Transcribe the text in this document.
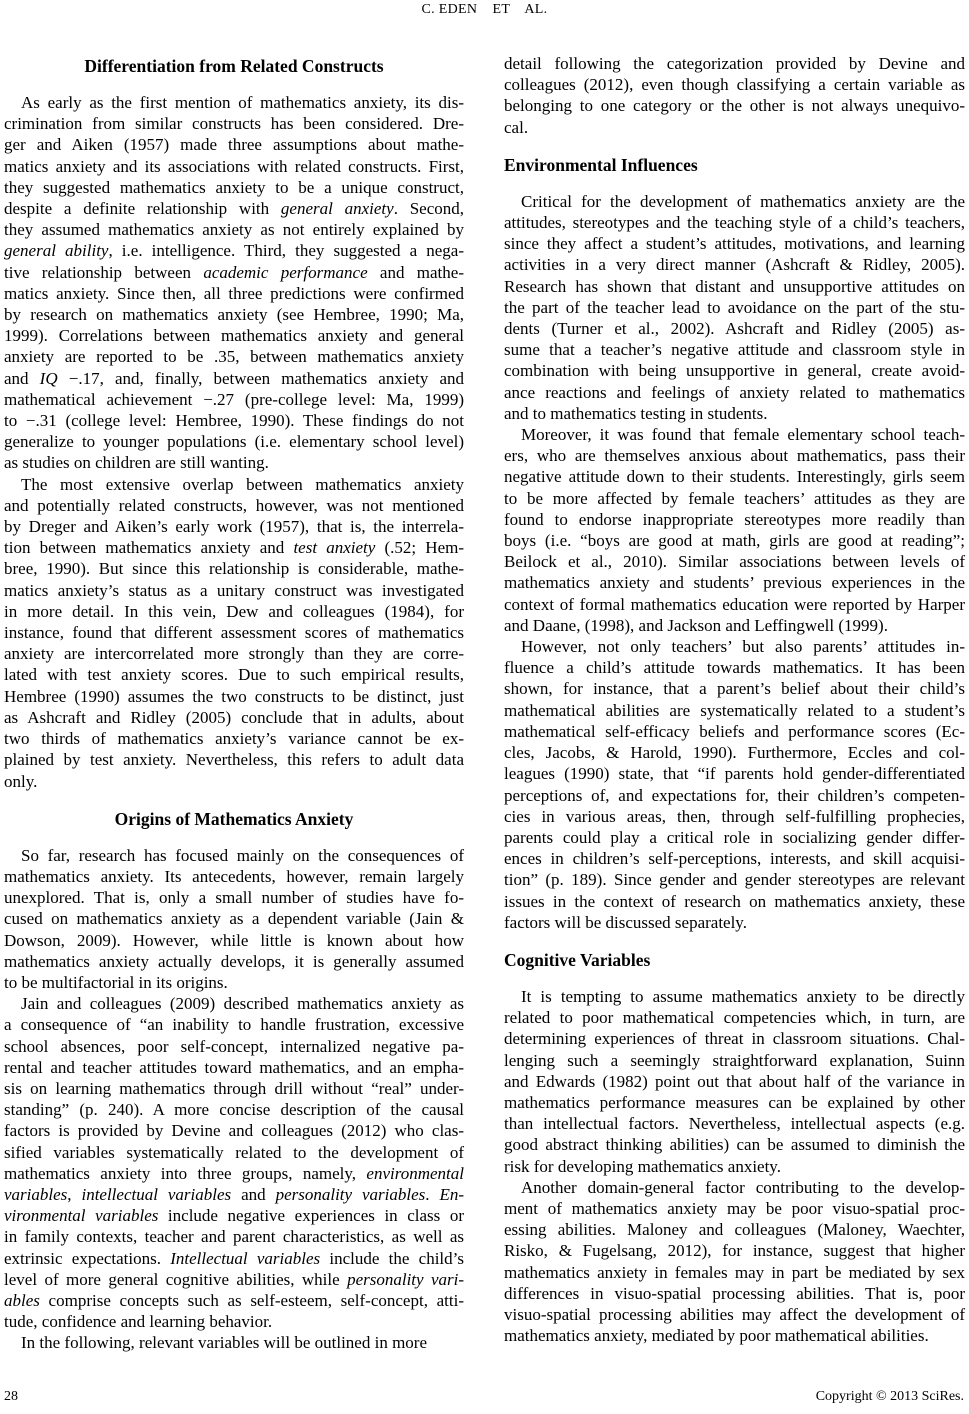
C. EDEN    ET    AL.
Differentiation from Related Constructs
As early as the first mention of mathematics anxiety, its dis-
crimination from similar constructs has been considered. Dre-
ger and Aiken (1957) made three assumptions about mathe-
matics anxiety and its associations with related constructs. First,
they suggested mathematics anxiety to be a unique construct,
despite a definite relationship with general anxiety. Second,
they assumed mathematics anxiety as not entirely explained by
general ability, i.e. intelligence. Third, they suggested a nega-
tive relationship between academic performance and mathe-
matics anxiety. Since then, all three predictions were confirmed
by research on mathematics anxiety (see Hembree, 1990; Ma,
1999). Correlations between mathematics anxiety and general
anxiety are reported to be .35, between mathematics anxiety
and IQ −.17, and, finally, between mathematics anxiety and
mathematical achievement −.27 (pre-college level: Ma, 1999)
to −.31 (college level: Hembree, 1990). These findings do not
generalize to younger populations (i.e. elementary school level)
as studies on children are still wanting.
The most extensive overlap between mathematics anxiety
and potentially related constructs, however, was not mentioned
by Dreger and Aiken’s early work (1957), that is, the interrela-
tion between mathematics anxiety and test anxiety (.52; Hem-
bree, 1990). But since this relationship is considerable, mathe-
matics anxiety’s status as a unitary construct was investigated
in more detail. In this vein, Dew and colleagues (1984), for
instance, found that different assessment scores of mathematics
anxiety are intercorrelated more strongly than they are corre-
lated with test anxiety scores. Due to such empirical results,
Hembree (1990) assumes the two constructs to be distinct, just
as Ashcraft and Ridley (2005) conclude that in adults, about
two thirds of mathematics anxiety’s variance cannot be ex-
plained by test anxiety. Nevertheless, this refers to adult data
only.
Origins of Mathematics Anxiety
So far, research has focused mainly on the consequences of
mathematics anxiety. Its antecedents, however, remain largely
unexplored. That is, only a small number of studies have fo-
cused on mathematics anxiety as a dependent variable (Jain &
Dowson, 2009). However, while little is known about how
mathematics anxiety actually develops, it is generally assumed
to be multifactorial in its origins.
Jain and colleagues (2009) described mathematics anxiety as
a consequence of “an inability to handle frustration, excessive
school absences, poor self-concept, internalized negative pa-
rental and teacher attitudes toward mathematics, and an empha-
sis on learning mathematics through drill without “real” under-
standing” (p. 240). A more concise description of the causal
factors is provided by Devine and colleagues (2012) who clas-
sified variables systematically related to the development of
mathematics anxiety into three groups, namely, environmental
variables, intellectual variables and personality variables. En-
vironmental variables include negative experiences in class or
in family contexts, teacher and parent characteristics, as well as
extrinsic expectations. Intellectual variables include the child’s
level of more general cognitive abilities, while personality vari-
ables comprise concepts such as self-esteem, self-concept, atti-
tude, confidence and learning behavior.
In the following, relevant variables will be outlined in more
detail following the categorization provided by Devine and
colleagues (2012), even though classifying a certain variable as
belonging to one category or the other is not always unequivo-
cal.
Environmental Influences
Critical for the development of mathematics anxiety are the
attitudes, stereotypes and the teaching style of a child’s teachers,
since they affect a student’s attitudes, motivations, and learning
activities in a very direct manner (Ashcraft & Ridley, 2005).
Research has shown that distant and unsupportive attitudes on
the part of the teacher lead to avoidance on the part of the stu-
dents (Turner et al., 2002). Ashcraft and Ridley (2005) as-
sume that a teacher’s negative attitude and classroom style in
combination with being unsupportive in general, create avoid-
ance reactions and feelings of anxiety related to mathematics
and to mathematics testing in students.
Moreover, it was found that female elementary school teach-
ers, who are themselves anxious about mathematics, pass their
negative attitude down to their students. Interestingly, girls seem
to be more affected by female teachers’ attitudes as they are
found to endorse inappropriate stereotypes more readily than
boys (i.e. “boys are good at math, girls are good at reading”;
Beilock et al., 2010). Similar associations between levels of
mathematics anxiety and students’ previous experiences in the
context of formal mathematics education were reported by Harper
and Daane, (1998), and Jackson and Leffingwell (1999).
However, not only teachers’ but also parents’ attitudes in-
fluence a child’s attitude towards mathematics. It has been
shown, for instance, that a parent’s belief about their child’s
mathematical abilities are systematically related to a student’s
mathematical self-efficacy beliefs and performance scores (Ec-
cles, Jacobs, & Harold, 1990). Furthermore, Eccles and col-
leagues (1990) state, that “if parents hold gender-differentiated
perceptions of, and expectations for, their children’s competen-
cies in various areas, then, through self-fulfilling prophecies,
parents could play a critical role in socializing gender differ-
ences in children’s self-perceptions, interests, and skill acquisi-
tion” (p. 189). Since gender and gender stereotypes are relevant
issues in the context of research on mathematics anxiety, these
factors will be discussed separately.
Cognitive Variables
It is tempting to assume mathematics anxiety to be directly
related to poor mathematical competencies which, in turn, are
determining experiences of threat in classroom situations. Chal-
lenging such a seemingly straightforward explanation, Suinn
and Edwards (1982) point out that about half of the variance in
mathematics performance measures can be explained by other
than intellectual factors. Nevertheless, intellectual aspects (e.g.
good abstract thinking abilities) can be assumed to diminish the
risk for developing mathematics anxiety.
Another domain-general factor contributing to the develop-
ment of mathematics anxiety may be poor visuo-spatial proc-
essing abilities. Maloney and colleagues (Maloney, Waechter,
Risko, & Fugelsang, 2012), for instance, suggest that higher
mathematics anxiety in females may in part be mediated by sex
differences in visuo-spatial processing abilities. That is, poor
visuo-spatial processing abilities may affect the development of
mathematics anxiety, mediated by poor mathematical abilities.
28	Copyright © 2013 SciRes.
